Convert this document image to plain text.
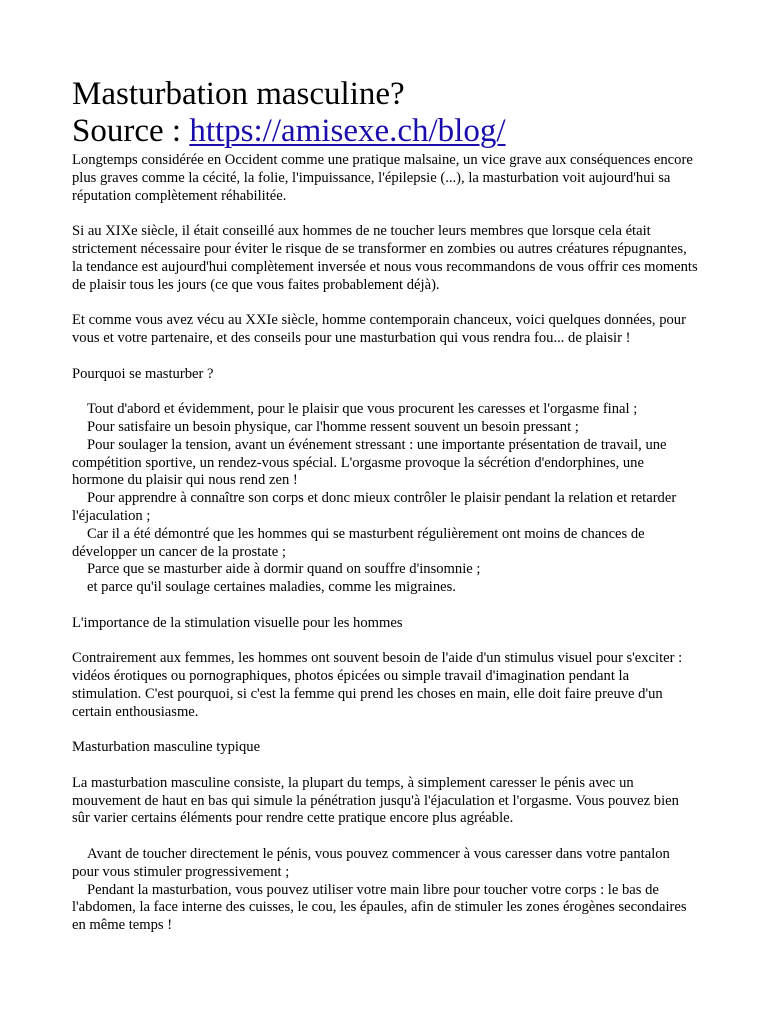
Masturbation masculine?
Source : https://amisexe.ch/blog/

Longtemps considérée en Occident comme une pratique malsaine, un vice grave aux conséquences encore plus graves comme la cécité, la folie, l'impuissance, l'épilepsie (...), la masturbation voit aujourd'hui sa réputation complètement réhabilitée.

Si au XIXe siècle, il était conseillé aux hommes de ne toucher leurs membres que lorsque cela était strictement nécessaire pour éviter le risque de se transformer en zombies ou autres créatures répugnantes, la tendance est aujourd'hui complètement inversée et nous vous recommandons de vous offrir ces moments de plaisir tous les jours (ce que vous faites probablement déjà).

Et comme vous avez vécu au XXIe siècle, homme contemporain chanceux, voici quelques données, pour vous et votre partenaire, et des conseils pour une masturbation qui vous rendra fou... de plaisir !

Pourquoi se masturber ?

Tout d'abord et évidemment, pour le plaisir que vous procurent les caresses et l'orgasme final ;

Pour satisfaire un besoin physique, car l'homme ressent souvent un besoin pressant ;

Pour soulager la tension, avant un événement stressant : une importante présentation de travail, une compétition sportive, un rendez-vous spécial. L'orgasme provoque la sécrétion d'endorphines, une hormone du plaisir qui nous rend zen !

Pour apprendre à connaître son corps et donc mieux contrôler le plaisir pendant la relation et retarder l'éjaculation ;

Car il a été démontré que les hommes qui se masturbent régulièrement ont moins de chances de développer un cancer de la prostate ;

Parce que se masturber aide à dormir quand on souffre d'insomnie ;

et parce qu'il soulage certaines maladies, comme les migraines.

L'importance de la stimulation visuelle pour les hommes

Contrairement aux femmes, les hommes ont souvent besoin de l'aide d'un stimulus visuel pour s'exciter : vidéos érotiques ou pornographiques, photos épicées ou simple travail d'imagination pendant la stimulation. C'est pourquoi, si c'est la femme qui prend les choses en main, elle doit faire preuve d'un certain enthousiasme.

Masturbation masculine typique

La masturbation masculine consiste, la plupart du temps, à simplement caresser le pénis avec un mouvement de haut en bas qui simule la pénétration jusqu'à l'éjaculation et l'orgasme. Vous pouvez bien sûr varier certains éléments pour rendre cette pratique encore plus agréable.

Avant de toucher directement le pénis, vous pouvez commencer à vous caresser dans votre pantalon pour vous stimuler progressivement ;

Pendant la masturbation, vous pouvez utiliser votre main libre pour toucher votre corps : le bas de l'abdomen, la face interne des cuisses, le cou, les épaules, afin de stimuler les zones érogènes secondaires en même temps !
